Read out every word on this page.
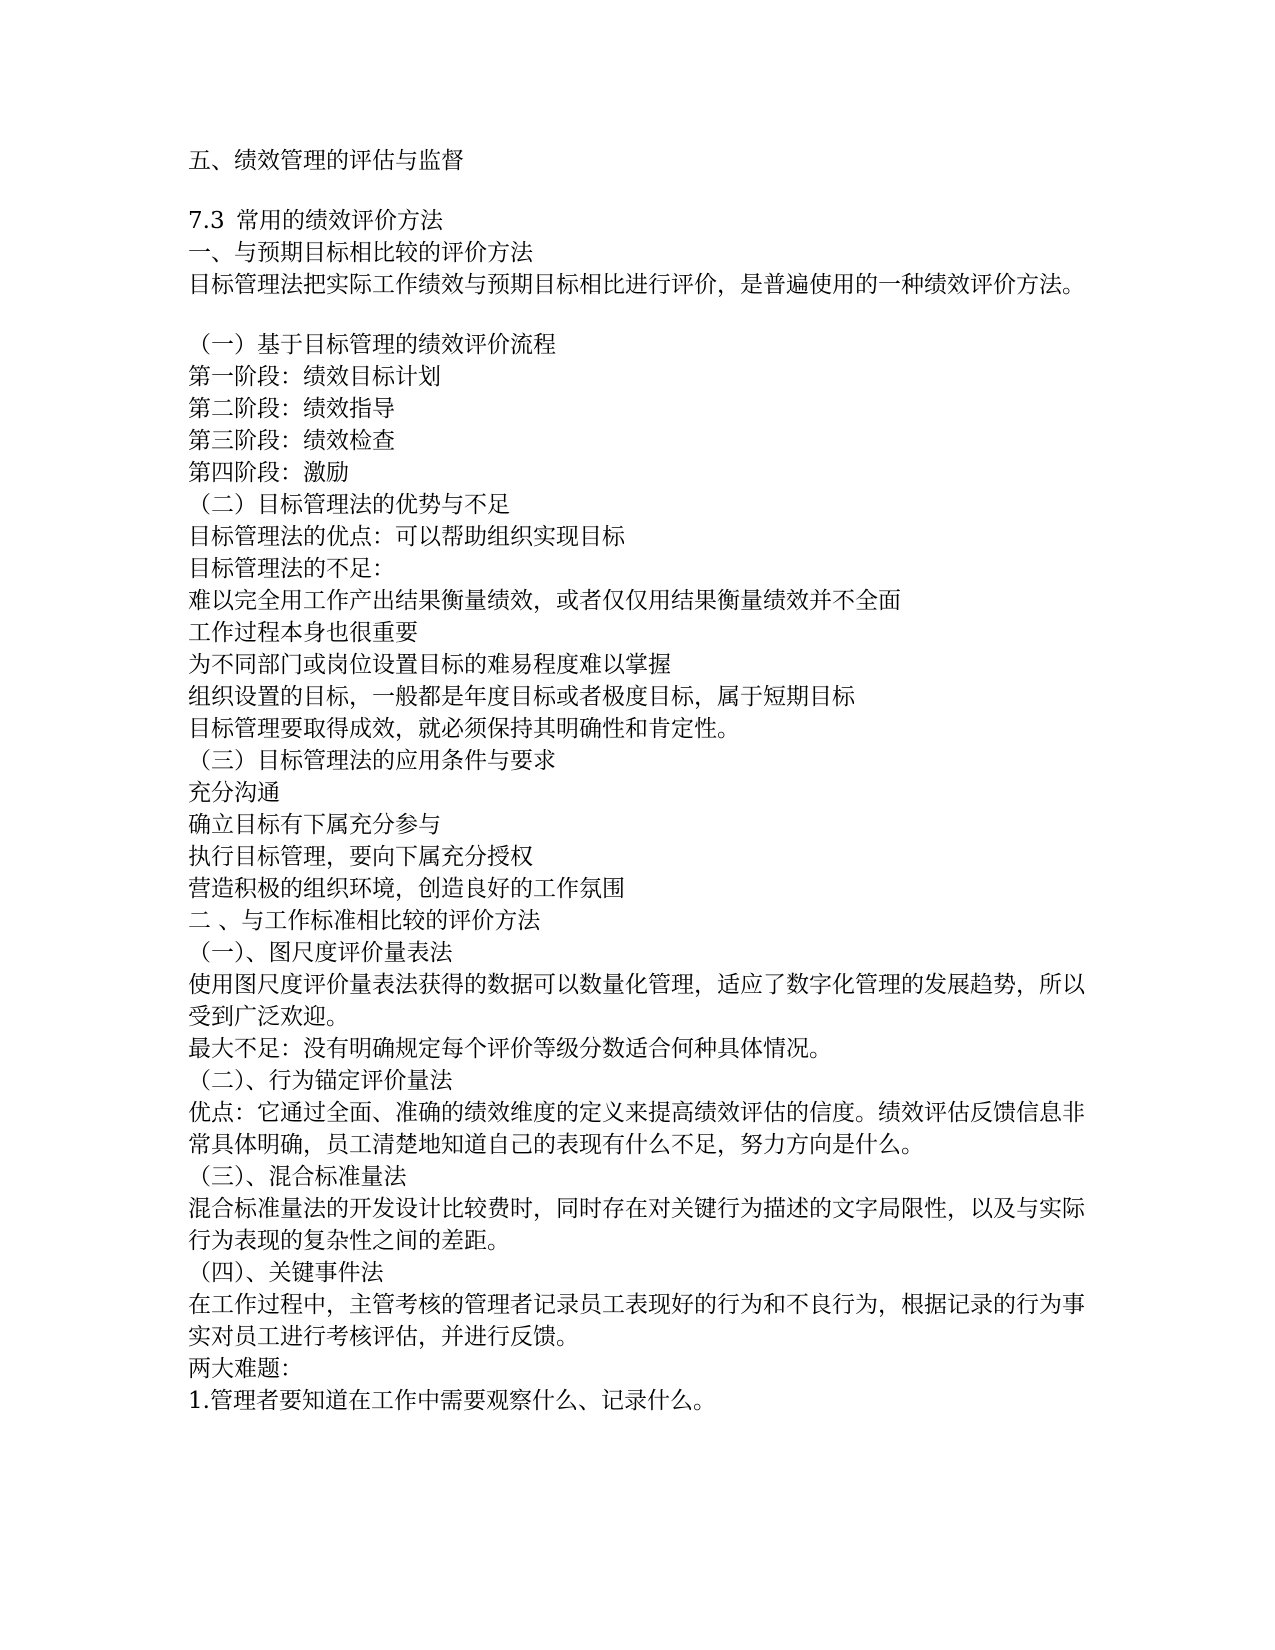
五、绩效管理的评估与监督
7.3 常用的绩效评价方法
一、与预期目标相比较的评价方法
目标管理法把实际工作绩效与预期目标相比进行评价，是普遍使用的一种绩效评价方法。
（一）基于目标管理的绩效评价流程
第一阶段：绩效目标计划
第二阶段：绩效指导
第三阶段：绩效检查
第四阶段：激励
（二）目标管理法的优势与不足
目标管理法的优点：可以帮助组织实现目标
目标管理法的不足：
难以完全用工作产出结果衡量绩效，或者仅仅用结果衡量绩效并不全面
工作过程本身也很重要
为不同部门或岗位设置目标的难易程度难以掌握
组织设置的目标，一般都是年度目标或者极度目标，属于短期目标
目标管理要取得成效，就必须保持其明确性和肯定性。
（三）目标管理法的应用条件与要求
充分沟通
确立目标有下属充分参与
执行目标管理，要向下属充分授权
营造积极的组织环境，创造良好的工作氛围
二 、与工作标准相比较的评价方法
（一）、图尺度评价量表法
使用图尺度评价量表法获得的数据可以数量化管理，适应了数字化管理的发展趋势，所以受到广泛欢迎。
最大不足：没有明确规定每个评价等级分数适合何种具体情况。
（二）、行为锚定评价量法
优点：它通过全面、准确的绩效维度的定义来提高绩效评估的信度。绩效评估反馈信息非常具体明确，员工清楚地知道自己的表现有什么不足，努力方向是什么。
（三）、混合标准量法
混合标准量法的开发设计比较费时，同时存在对关键行为描述的文字局限性，以及与实际行为表现的复杂性之间的差距。
（四）、关键事件法
在工作过程中，主管考核的管理者记录员工表现好的行为和不良行为，根据记录的行为事实对员工进行考核评估，并进行反馈。
两大难题：
1.管理者要知道在工作中需要观察什么、记录什么。
